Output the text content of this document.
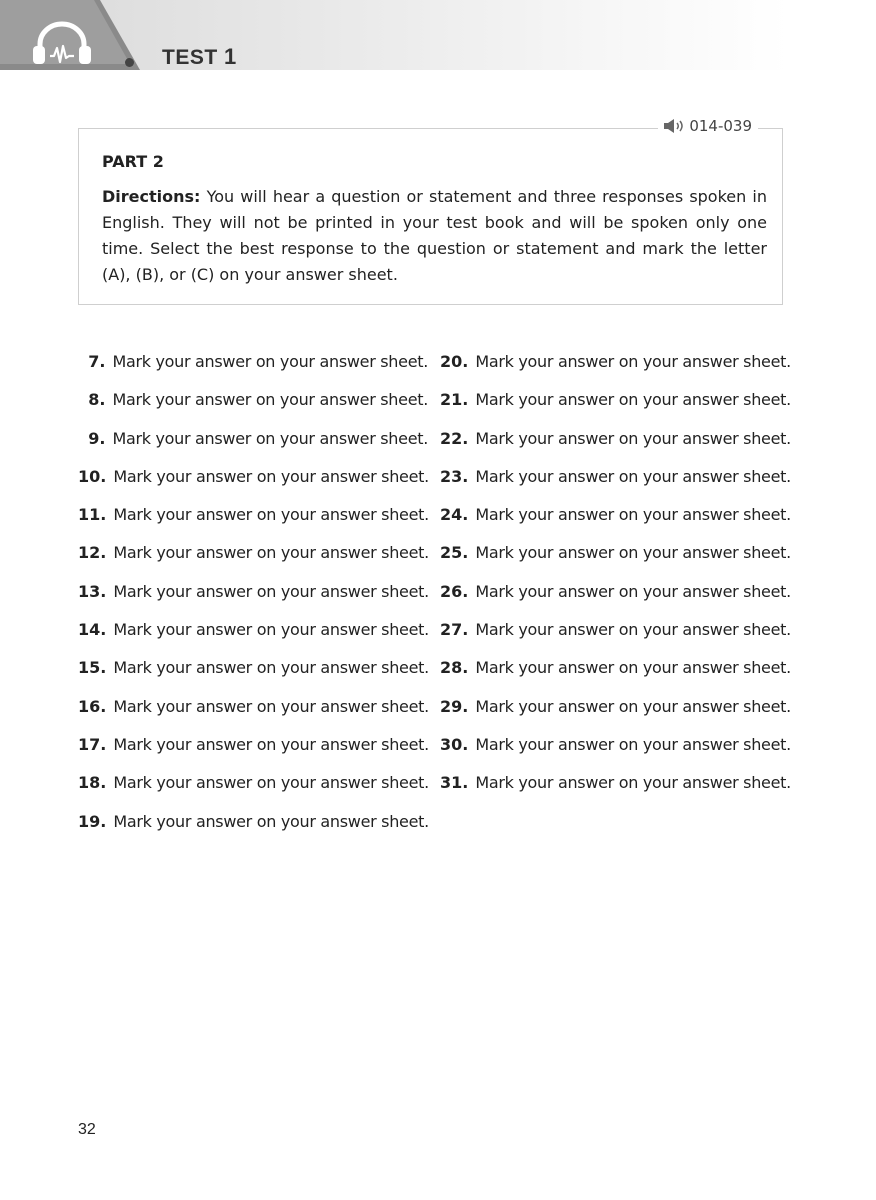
TEST 1
014-039
PART 2

Directions: You will hear a question or statement and three responses spoken in English. They will not be printed in your test book and will be spoken only one time. Select the best response to the question or statement and mark the letter (A), (B), or (C) on your answer sheet.

7. Mark your answer on your answer sheet.
8. Mark your answer on your answer sheet.
9. Mark your answer on your answer sheet.
10. Mark your answer on your answer sheet.
11. Mark your answer on your answer sheet.
12. Mark your answer on your answer sheet.
13. Mark your answer on your answer sheet.
14. Mark your answer on your answer sheet.
15. Mark your answer on your answer sheet.
16. Mark your answer on your answer sheet.
17. Mark your answer on your answer sheet.
18. Mark your answer on your answer sheet.
19. Mark your answer on your answer sheet.
20. Mark your answer on your answer sheet.
21. Mark your answer on your answer sheet.
22. Mark your answer on your answer sheet.
23. Mark your answer on your answer sheet.
24. Mark your answer on your answer sheet.
25. Mark your answer on your answer sheet.
26. Mark your answer on your answer sheet.
27. Mark your answer on your answer sheet.
28. Mark your answer on your answer sheet.
29. Mark your answer on your answer sheet.
30. Mark your answer on your answer sheet.
31. Mark your answer on your answer sheet.
32
